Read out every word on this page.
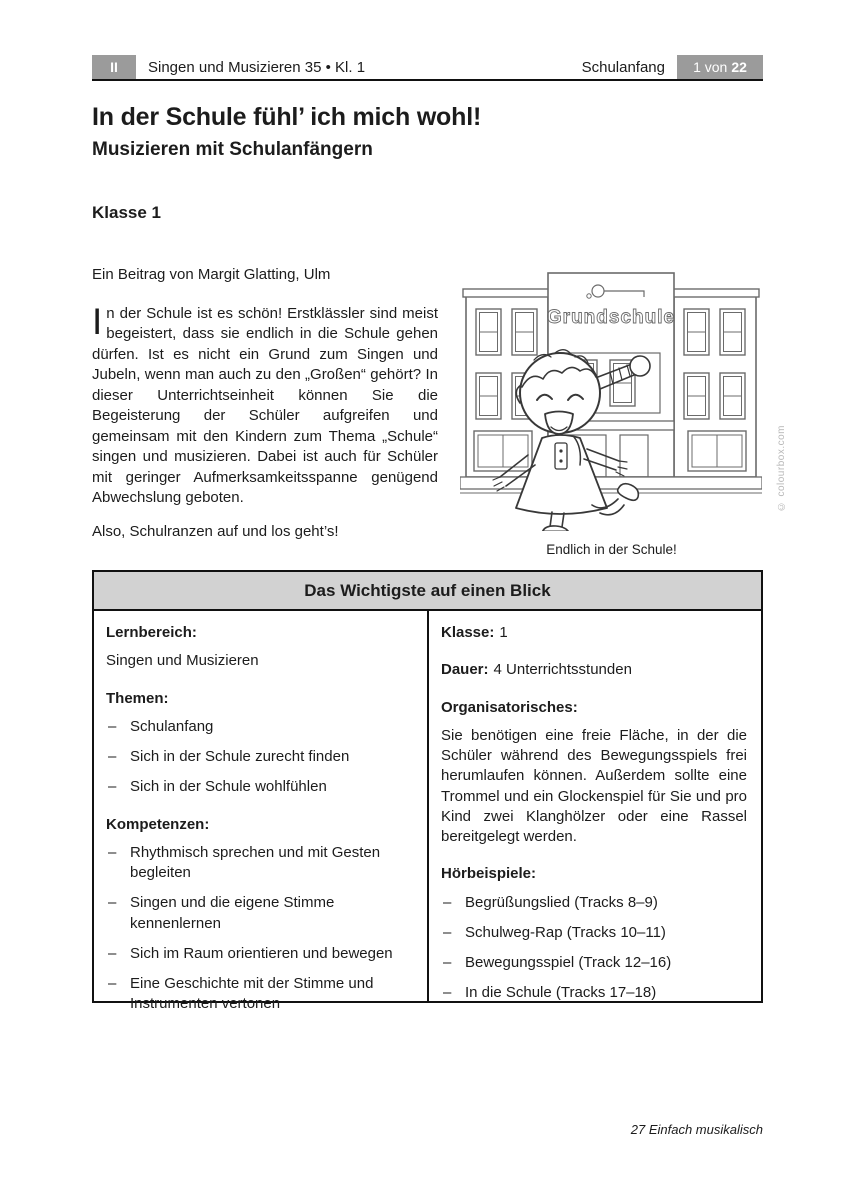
II	Singen und Musizieren 35 • Kl. 1	Schulanfang	1 von 22
In der Schule fühl’ ich mich wohl!
Musizieren mit Schulanfängern
Klasse 1

Ein Beitrag von Margit Glatting, Ulm

In der Schule ist es schön! Erstklässler sind meist begeistert, dass sie endlich in die Schule gehen dürfen. Ist es nicht ein Grund zum Singen und Jubeln, wenn man auch zu den „Großen“ gehört? In dieser Unterrichtseinheit können Sie die Begeisterung der Schüler aufgreifen und gemeinsam mit den Kindern zum Thema „Schule“ singen und musizieren. Dabei ist auch für Schüler mit geringer Aufmerksamkeitsspanne genügend Abwechslung geboten.

Also, Schulranzen auf und los geht’s!

Grundschule
Endlich in der Schule!
© colourbox.com
Das Wichtigste auf einen Blick

Lernbereich:

Singen und Musizieren

Themen:

– Schulanfang
– Sich in der Schule zurecht finden
– Sich in der Schule wohlfühlen

Kompetenzen:

– Rhythmisch sprechen und mit Gesten begleiten
– Singen und die eigene Stimme kennenlernen
– Sich im Raum orientieren und bewegen
– Eine Geschichte mit der Stimme und Instrumenten vertonen

Klasse: 1

Dauer: 4 Unterrichtsstunden

Organisatorisches:

Sie benötigen eine freie Fläche, in der die Schüler während des Bewegungsspiels frei herumlaufen können. Außerdem sollte eine Trommel und ein Glockenspiel für Sie und pro Kind zwei Klanghölzer oder eine Rassel bereitgelegt werden.

Hörbeispiele:

– Begrüßungslied (Tracks 8–9)
– Schulweg-Rap (Tracks 10–11)
– Bewegungsspiel (Track 12–16)
– In die Schule (Tracks 17–18)
27 Einfach musikalisch
